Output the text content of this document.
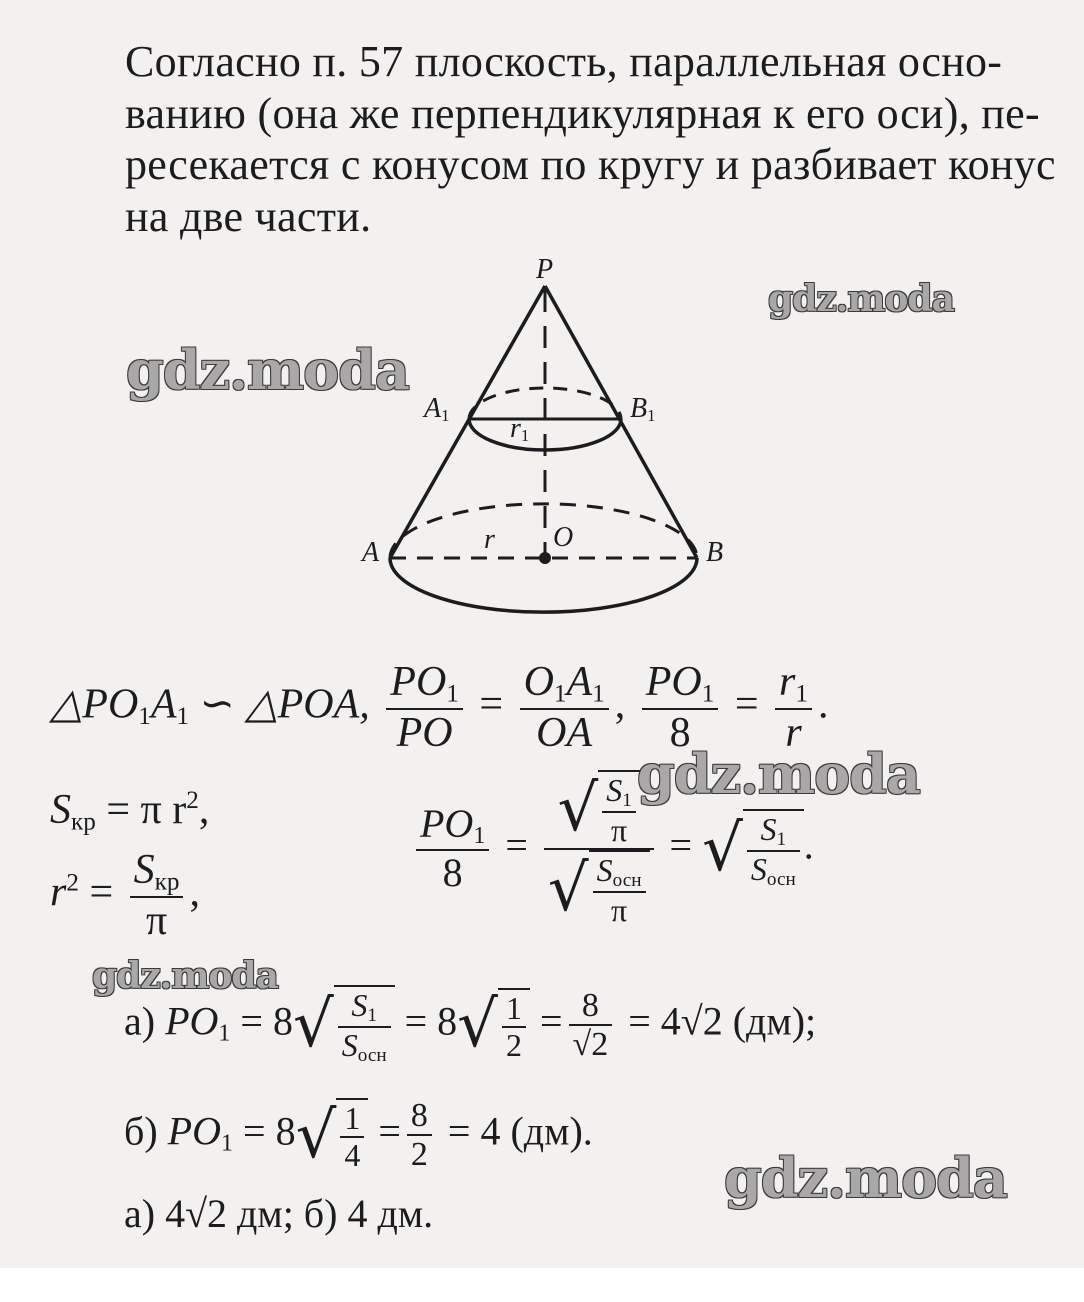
Согласно п. 57 плоскость, параллельная осно-
ванию (она же перпендикулярная к его оси), пе-
ресекается с конусом по кругу и разбивает конус
на две части.
P
$A_1$	$B_1$
$r_1$
A	B
O
r
$\triangle PO_1A_1$ ∽ △POA, $\frac{PO_1}{PO} = \frac{O_1A_1}{OA}$ , $\frac{PO_1}{8} = \frac{r_1}{r}$ .
$S_{кр} = \pi$ $r^2$,
$r^2 = \frac{S_{кр}}{\pi}$ ,	$\frac{PO_1}{8} = \frac{√ \frac{S_1}{\pi}}{√ \frac{S_{осн}}{\pi}}$ = √ $\frac{S_1}{S_{осн}}$ .
а) $PO_1 = 8√ \frac{S_1}{S_{осн}} = 8√ \frac{1}{2} = \frac{8}{√2} = 4√2$ (дм);
б) $PO_1 = 8√ \frac{1}{4} = \frac{8}{2} = 4$ (дм).
а) 4√2 дм; б) 4 дм.
gdz.moda
gdz.moda
gdz.moda
gdz.moda
gdz.moda
